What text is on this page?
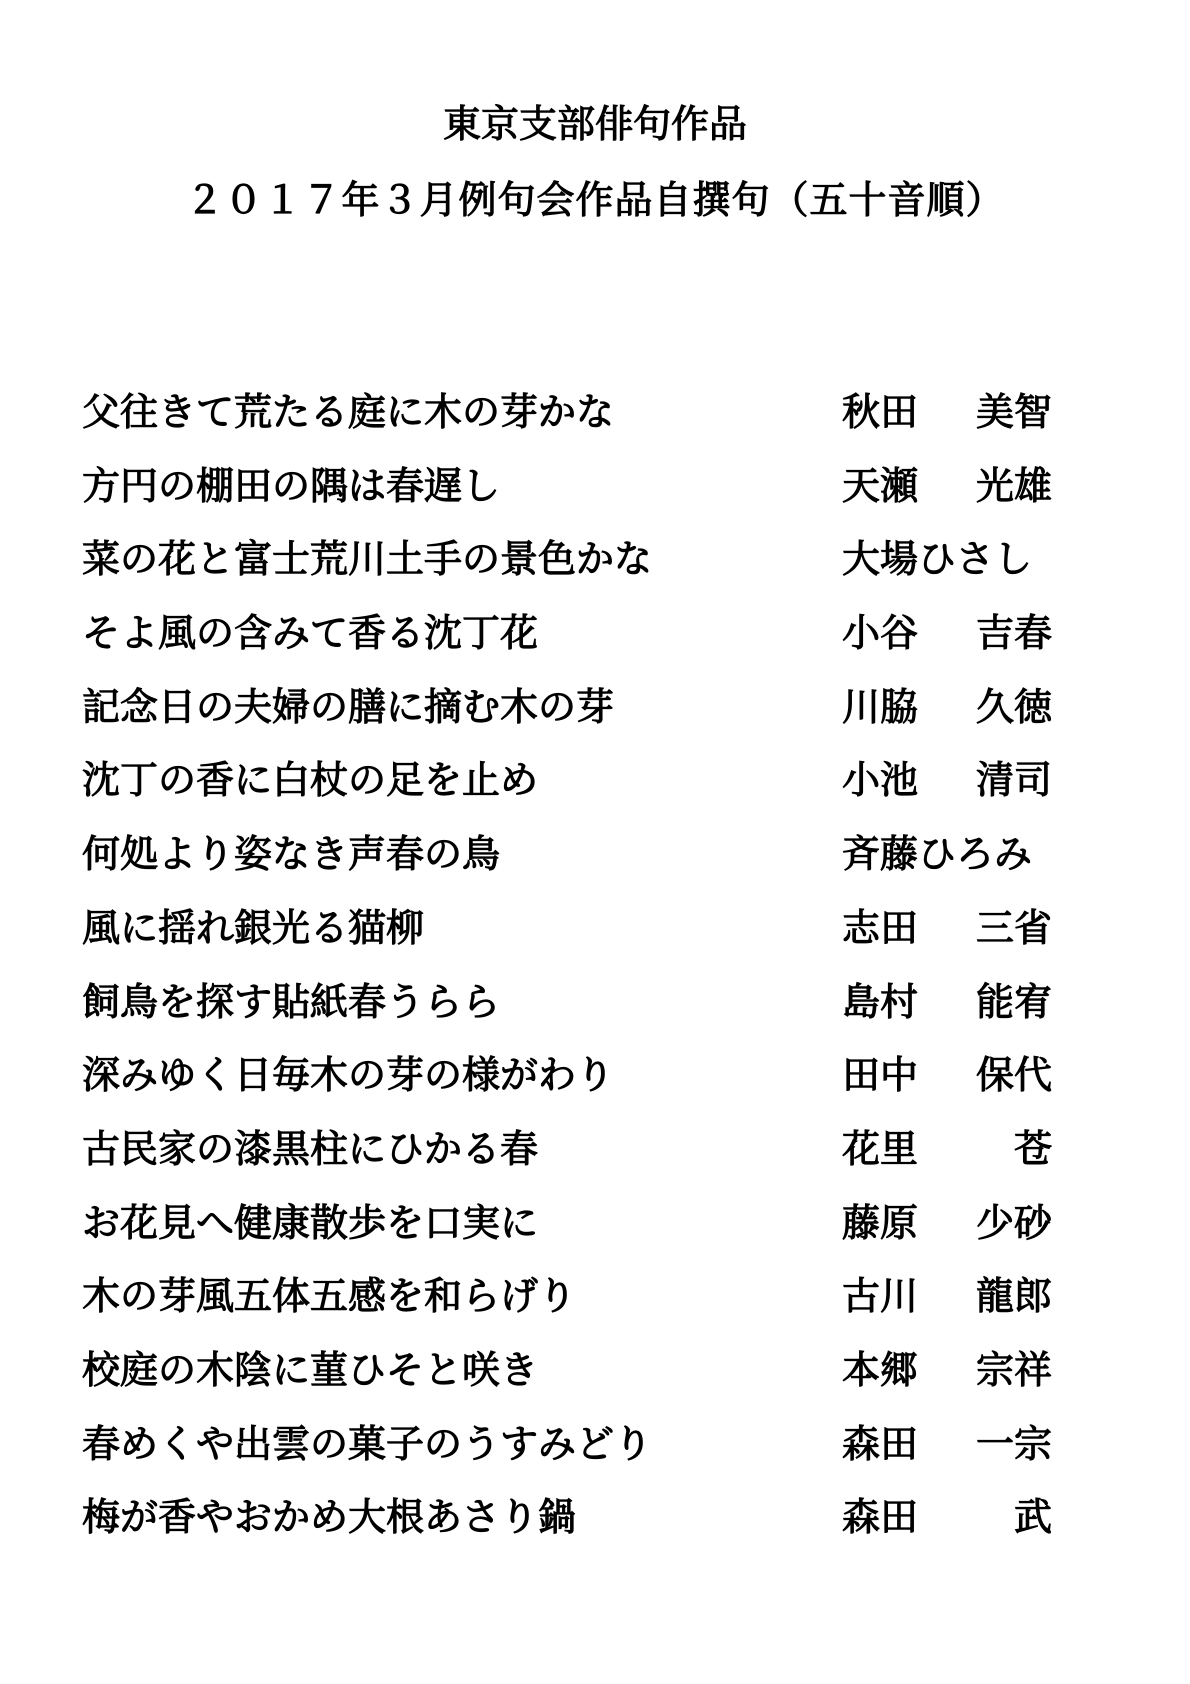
東京支部俳句作品
２０１７年３月例句会作品自撰句（五十音順）
父往きて荒たる庭に木の芽かな	秋田	美智
方円の棚田の隅は春遅し	天瀬	光雄
菜の花と富士荒川土手の景色かな	大場ひさし
そよ風の含みて香る沈丁花	小谷	吉春
記念日の夫婦の膳に摘む木の芽	川脇	久徳
沈丁の香に白杖の足を止め	小池	清司
何処より姿なき声春の鳥	斉藤ひろみ
風に揺れ銀光る猫柳	志田	三省
飼鳥を探す貼紙春うらら	島村	能宥
深みゆく日毎木の芽の様がわり	田中	保代
古民家の漆黒柱にひかる春	花里	苍
お花見へ健康散歩を口実に	藤原	少砂
木の芽風五体五感を和らげり	古川	龍郎
校庭の木陰に菫ひそと咲き	本郷	宗祥
春めくや出雲の菓子のうすみどり	森田	一宗
梅が香やおかめ大根あさり鍋	森田	武
